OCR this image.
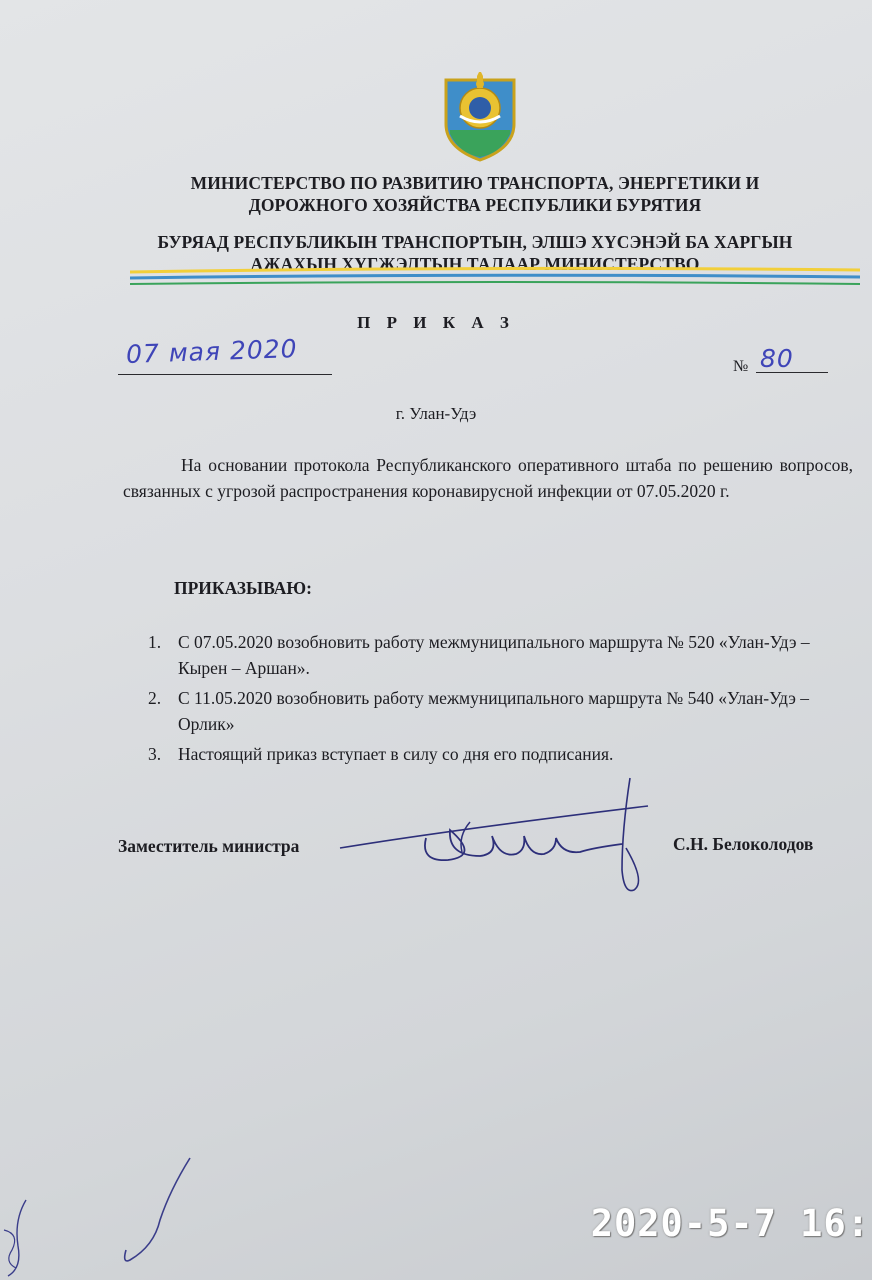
МИНИСТЕРСТВО ПО РАЗВИТИЮ ТРАНСПОРТА, ЭНЕРГЕТИКИ И ДОРОЖНОГО ХОЗЯЙСТВА РЕСПУБЛИКИ БУРЯТИЯ

БУРЯАД РЕСПУБЛИКЫН ТРАНСПОРТЫН, ЭЛШЭ ХҮСЭНЭЙ БА ХАРГЫН АЖАХЫН ХҮГЖЭЛТЫН ТАЛААР МИНИСТЕРСТВО

П Р И К А З
07 мая 2020	№ 80
г. Улан-Удэ

На основании протокола Республиканского оперативного штаба по решению вопросов, связанных с угрозой распространения коронавирусной инфекции от 07.05.2020 г.

ПРИКАЗЫВАЮ:

1. С 07.05.2020 возобновить работу межмуниципального маршрута № 520 «Улан-Удэ – Кырен – Аршан».
2. С 11.05.2020 возобновить работу межмуниципального маршрута № 540 «Улан-Удэ – Орлик»
3. Настоящий приказ вступает в силу со дня его подписания.
Заместитель министра	С.Н. Белоколодов
2020-5-7 16:
